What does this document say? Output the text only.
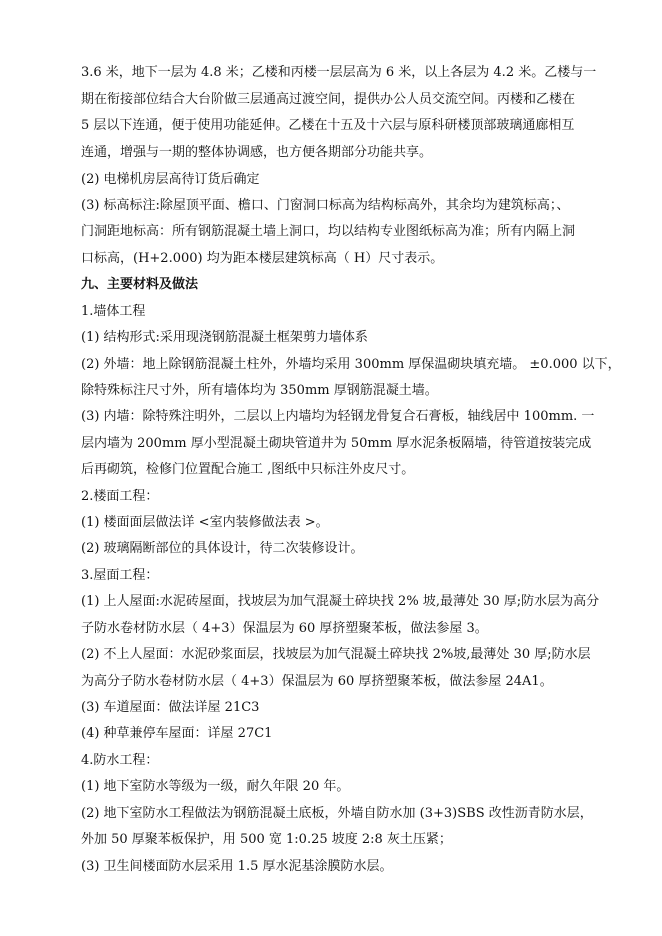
3.6 米，地下一层为 4.8 米；乙楼和丙楼一层层高为 6 米，以上各层为 4.2 米。乙楼与一
期在衔接部位结合大台阶做三层通高过渡空间，提供办公人员交流空间。丙楼和乙楼在
5 层以下连通，便于使用功能延伸。乙楼在十五及十六层与原科研楼顶部玻璃通廊相互
连通，增强与一期的整体协调感，也方便各期部分功能共享。
(2) 电梯机房层高待订货后确定
(3) 标高标注:除屋顶平面、檐口、门窗洞口标高为结构标高外，其余均为建筑标高；、
门洞距地标高：所有钢筋混凝土墙上洞口，均以结构专业图纸标高为准；所有内隔上洞
口标高，(H+2.000) 均为距本楼层建筑标高（ H）尺寸表示。
九、主要材料及做法
1.墙体工程
(1) 结构形式:采用现浇钢筋混凝土框架剪力墙体系
(2) 外墙：地上除钢筋混凝土柱外，外墙均采用 300mm 厚保温砌块填充墙。 ±0.000 以下，
除特殊标注尺寸外，所有墙体均为 350mm 厚钢筋混凝土墙。
(3) 内墙：除特殊注明外，二层以上内墙均为轻钢龙骨复合石膏板，轴线居中 100mm. 一
层内墙为 200mm 厚小型混凝土砌块管道井为 50mm 厚水泥条板隔墙，待管道按装完成
后再砌筑，检修门位置配合施工 ,图纸中只标注外皮尺寸。
2.楼面工程：
(1) 楼面面层做法详 <室内装修做法表 >。
(2) 玻璃隔断部位的具体设计，待二次装修设计。
3.屋面工程：
(1) 上人屋面:水泥砖屋面，找坡层为加气混凝土碎块找 2% 坡,最薄处 30 厚;防水层为高分
子防水卷材防水层（ 4+3）保温层为 60 厚挤塑聚苯板，做法参屋 3。
(2) 不上人屋面：水泥砂浆面层，找坡层为加气混凝土碎块找 2%坡,最薄处 30 厚;防水层
为高分子防水卷材防水层（ 4+3）保温层为 60 厚挤塑聚苯板，做法参屋 24A1。
(3) 车道屋面：做法详屋 21C3
(4) 种草兼停车屋面：详屋 27C1
4.防水工程：
(1) 地下室防水等级为一级，耐久年限 20 年。
(2) 地下室防水工程做法为钢筋混凝土底板，外墙自防水加 (3+3)SBS 改性沥青防水层，
外加 50 厚聚苯板保护，用 500 宽 1:0.25 坡度 2:8 灰土压紧；
(3) 卫生间楼面防水层采用 1.5 厚水泥基涂膜防水层。
